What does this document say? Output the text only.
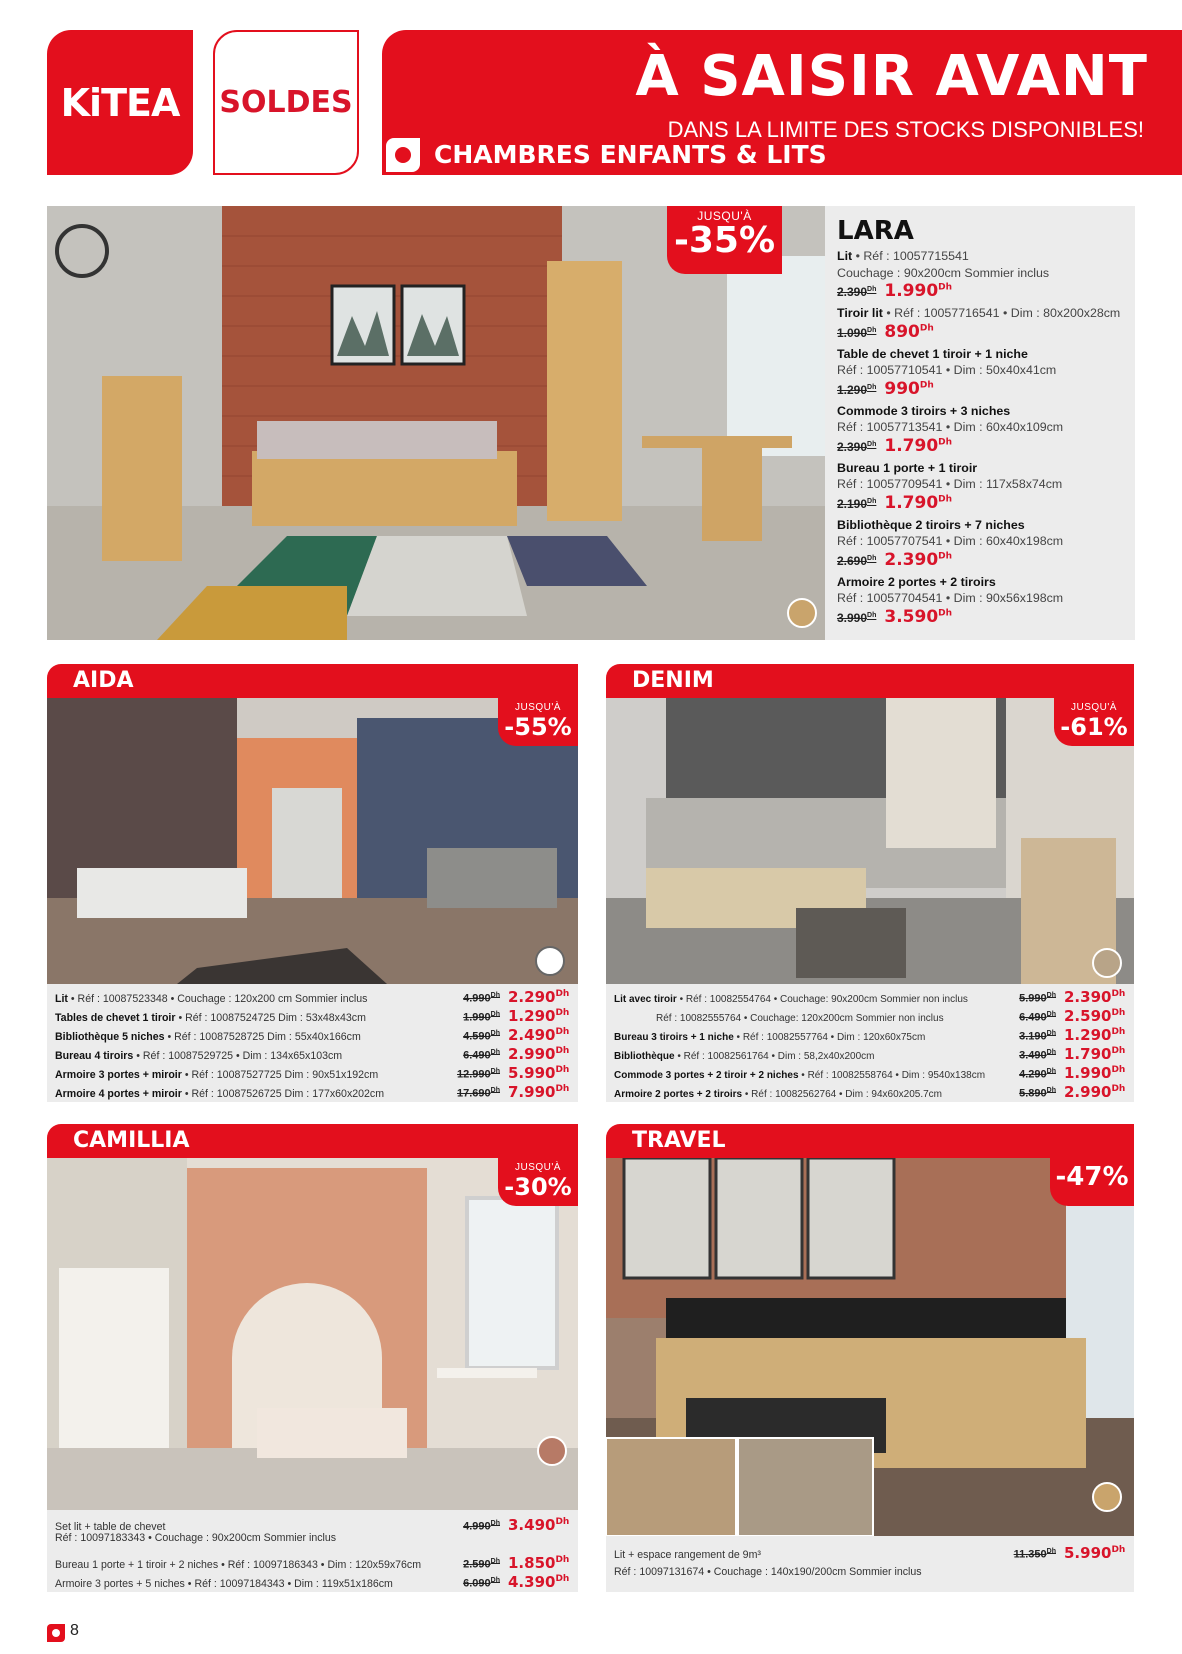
KiTEA SOLDES	À SAISIR AVANT
DANS LA LIMITE DES STOCKS DISPONIBLES!
CHAMBRES ENFANTS & LITS
JUSQU'À
-35% LARA
Lit • Réf : 10057715541
Couchage : 90x200cm Sommier inclus
$2.390^{Dh}$ $1.990^{Dh}$
Tiroir lit • Réf : 10057716541 • Dim : 80x200x28cm
$1.090^{Dh}$ $890^{Dh}$
Table de chevet 1 tiroir + 1 niche
Réf : 10057710541 • Dim : 50x40x41cm
$1.290^{Dh}$ $990^{Dh}$
Commode 3 tiroirs + 3 niches
Réf : 10057713541 • Dim : 60x40x109cm
$2.390^{Dh}$ $1.790^{Dh}$
Bureau 1 porte + 1 tiroir
Réf : 10057709541 • Dim : 117x58x74cm
$2.190^{Dh}$ $1.790^{Dh}$
Bibliothèque 2 tiroirs + 7 niches
Réf : 10057707541 • Dim : 60x40x198cm
$2.690^{Dh}$ $2.390^{Dh}$
Armoire 2 portes + 2 tiroirs
Réf : 10057704541 • Dim : 90x56x198cm
$3.990^{Dh}$ $3.590^{Dh}$
AIDA
JUSQU'À
-55%
Lit • Réf : 10087523348 • Couchage : 120x200 cm Sommier inclus	$4.990^{Dh}$ $2.290^{Dh}$
Tables de chevet 1 tiroir • Réf : 10087524725 Dim : 53x48x43cm	$1.990^{Dh}$ $1.290^{Dh}$
Bibliothèque 5 niches • Réf : 10087528725 Dim : 55x40x166cm	$4.590^{Dh}$ $2.490^{Dh}$
Bureau 4 tiroirs • Réf : 10087529725 • Dim : 134x65x103cm	$6.490^{Dh}$ $2.990^{Dh}$
Armoire 3 portes + miroir • Réf : 10087527725 Dim : 90x51x192cm	$12.990^{Dh}$ $5.990^{Dh}$
Armoire 4 portes + miroir • Réf : 10087526725 Dim : 177x60x202cm	$17.690^{Dh}$ $7.990^{Dh}$
DENIM
JUSQU'À
-61%
Lit avec tiroir • Réf : 10082554764 • Couchage: 90x200cm Sommier non inclus	$5.990^{Dh}$ $2.390^{Dh}$
Réf : 10082555764 • Couchage: 120x200cm Sommier non inclus	$6.490^{Dh}$ $2.590^{Dh}$
Bureau 3 tiroirs + 1 niche • Réf : 10082557764 • Dim : 120x60x75cm	$3.190^{Dh}$ $1.290^{Dh}$
Bibliothèque • Réf : 10082561764 • Dim : 58,2x40x200cm	$3.490^{Dh}$ $1.790^{Dh}$
Commode 3 portes + 2 tiroir + 2 niches • Réf : 10082558764 • Dim : 9540x138cm	$4.290^{Dh}$ $1.990^{Dh}$
Armoire 2 portes + 2 tiroirs • Réf : 10082562764 • Dim : 94x60x205.7cm	$5.890^{Dh}$ $2.990^{Dh}$
CAMILLIA
JUSQU'À
-30%
Set lit + table de chevet	$4.990^{Dh}$ $3.490^{Dh}$
Réf : 10097183343 • Couchage : 90x200cm Sommier inclus
Bureau 1 porte + 1 tiroir + 2 niches • Réf : 10097186343 • Dim : 120x59x76cm	$2.590^{Dh}$ $1.850^{Dh}$
Armoire 3 portes + 5 niches • Réf : 10097184343 • Dim : 119x51x186cm	$6.090^{Dh}$ $4.390^{Dh}$
TRAVEL
-47%
Lit + espace rangement de 9m³	$11.350^{Dh}$ $5.990^{Dh}$
Réf : 10097131674 • Couchage : 140x190/200cm Sommier inclus
8
